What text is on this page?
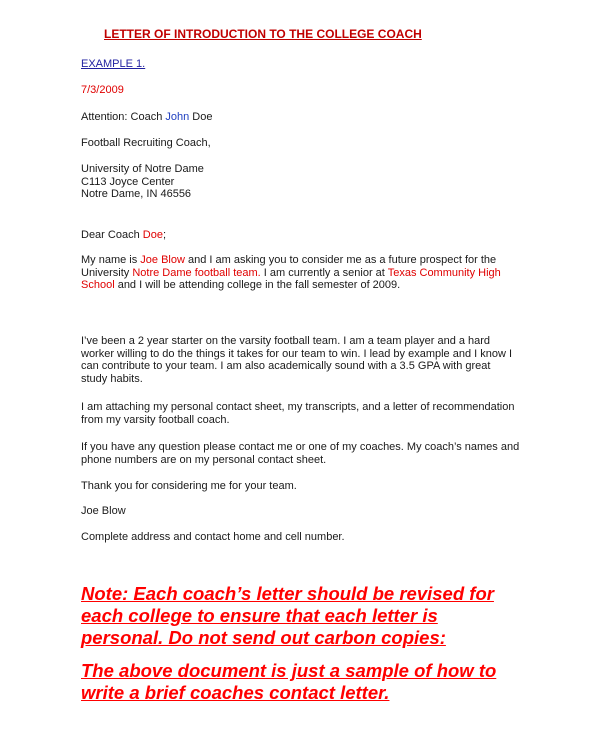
LETTER OF INTRODUCTION TO THE COLLEGE COACH
EXAMPLE 1.
7/3/2009
Attention: Coach John Doe
Football Recruiting Coach,
University of Notre Dame
C113 Joyce Center
Notre Dame, IN 46556
Dear Coach Doe;
My name is Joe Blow and I am asking you to consider me as a future prospect for the
University Notre Dame football team. I am currently a senior at Texas Community High
School and I will be attending college in the fall semester of 2009.
I’ve been a 2 year starter on the varsity football team. I am a team player and a hard
worker willing to do the things it takes for our team to win. I lead by example and I know I
can contribute to your team. I am also academically sound with a 3.5 GPA with great
study habits.
I am attaching my personal contact sheet, my transcripts, and a letter of recommendation
from my varsity football coach.
If you have any question please contact me or one of my coaches. My coach’s names and
phone numbers are on my personal contact sheet.
Thank you for considering me for your team.
Joe Blow
Complete address and contact home and cell number.
Note: Each coach’s letter should be revised for
each college to ensure that each letter is
personal. Do not send out carbon copies:
The above document is just a sample of how to
write a brief coaches contact letter.
